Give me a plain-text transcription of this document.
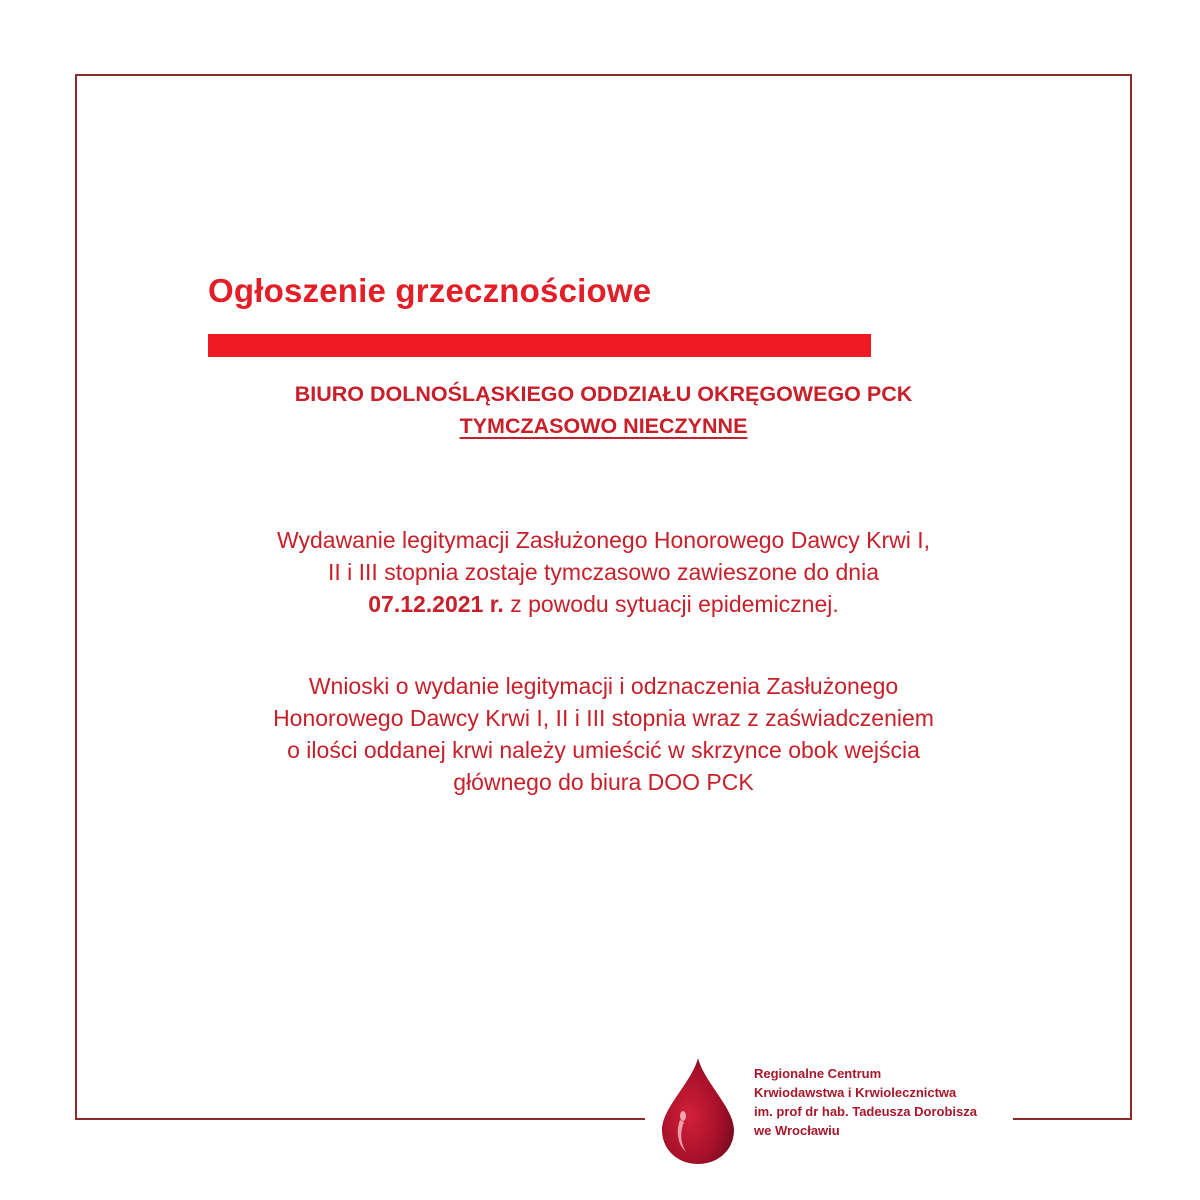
Ogłoszenie grzecznościowe
BIURO DOLNOŚLĄSKIEGO ODDZIAŁU OKRĘGOWEGO PCK
TYMCZASOWO NIECZYNNE
Wydawanie legitymacji Zasłużonego Honorowego Dawcy Krwi I,
II i III stopnia zostaje tymczasowo zawieszone do dnia
07.12.2021 r. z powodu sytuacji epidemicznej.
Wnioski o wydanie legitymacji i odznaczenia Zasłużonego
Honorowego Dawcy Krwi I, II i III stopnia wraz z zaświadczeniem
o ilości oddanej krwi należy umieścić w skrzynce obok wejścia
głównego do biura DOO PCK
Regionalne Centrum
Krwiodawstwa i Krwiolecznictwa
im. prof dr hab. Tadeusza Dorobisza
we Wrocławiu
